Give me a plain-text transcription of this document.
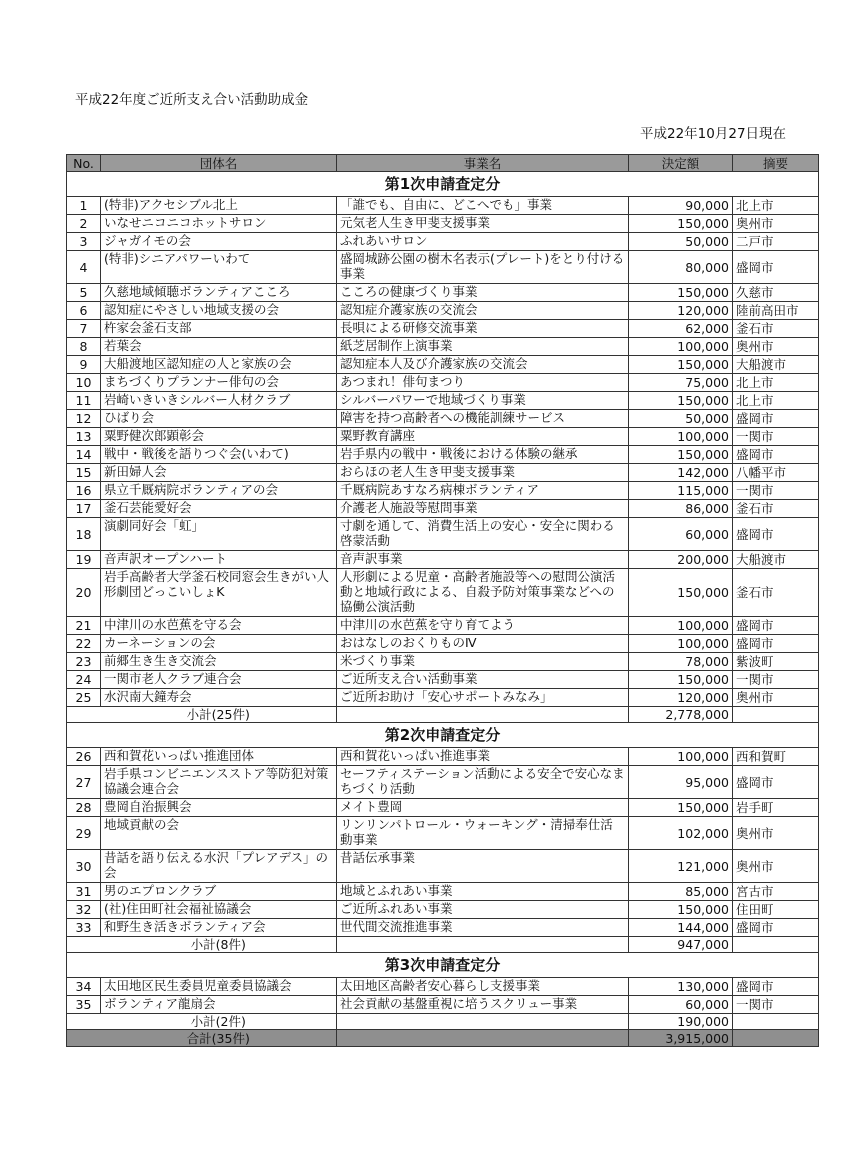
平成22年度ご近所支え合い活動助成金
平成22年10月27日現在
No.	団体名	事業名	決定額	摘要
第1次申請査定分				
1	(特非)アクセシブル北上	「誰でも、自由に、どこへでも」事業	90,000	北上市
2	いなせニコニコホットサロン	元気老人生き甲斐支援事業	150,000	奥州市
3	ジャガイモの会	ふれあいサロン	50,000	二戸市
4	(特非)シニアパワーいわて	盛岡城跡公園の樹木名表示(プレート)をとり付ける事業	80,000	盛岡市
5	久慈地域傾聴ボランティアこころ	こころの健康づくり事業	150,000	久慈市
6	認知症にやさしい地域支援の会	認知症介護家族の交流会	120,000	陸前高田市
7	杵家会釜石支部	長唄による研修交流事業	62,000	釜石市
8	若葉会	紙芝居制作上演事業	100,000	奥州市
9	大船渡地区認知症の人と家族の会	認知症本人及び介護家族の交流会	150,000	大船渡市
10	まちづくりプランナー俳句の会	あつまれ！俳句まつり	75,000	北上市
11	岩崎いきいきシルバー人材クラブ	シルバーパワーで地域づくり事業	150,000	北上市
12	ひばり会	障害を持つ高齢者への機能訓練サービス	50,000	盛岡市
13	粟野健次郎顕彰会	粟野教育講座	100,000	一関市
14	戦中・戦後を語りつぐ会(いわて)	岩手県内の戦中・戦後における体験の継承	150,000	盛岡市
15	新田婦人会	おらほの老人生き甲斐支援事業	142,000	八幡平市
16	県立千厩病院ボランティアの会	千厩病院あすなろ病棟ボランティア	115,000	一関市
17	釜石芸能愛好会	介護老人施設等慰問事業	86,000	釜石市
18	演劇同好会「虹」	寸劇を通して、消費生活上の安心・安全に関わる啓蒙活動	60,000	盛岡市
19	音声訳オープンハート	音声訳事業	200,000	大船渡市
20	岩手高齢者大学釜石校同窓会生きがい人形劇団どっこいしょK	人形劇による児童・高齢者施設等への慰問公演活動と地域行政による、自殺予防対策事業などへの協働公演活動	150,000	釜石市
21	中津川の水芭蕉を守る会	中津川の水芭蕉を守り育てよう	100,000	盛岡市
22	カーネーションの会	おはなしのおくりものⅣ	100,000	盛岡市
23	前郷生き生き交流会	米づくり事業	78,000	紫波町
24	一関市老人クラブ連合会	ご近所支え合い活動事業	150,000	一関市
25	水沢南大鐘寿会	ご近所お助け「安心サポートみなみ」	120,000	奥州市
	小計(25件)		2,778,000	
第2次申請査定分				
26	西和賀花いっぱい推進団体	西和賀花いっぱい推進事業	100,000	西和賀町
27	岩手県コンビニエンスストア等防犯対策協議会連合会	セーフティステーション活動による安全で安心なまちづくり活動	95,000	盛岡市
28	豊岡自治振興会	メイト豊岡	150,000	岩手町
29	地域貢献の会	リンリンパトロール・ウォーキング・清掃奉仕活動事業	102,000	奥州市
30	昔話を語り伝える水沢「プレアデス」の会	昔話伝承事業	121,000	奥州市
31	男のエプロンクラブ	地域とふれあい事業	85,000	宮古市
32	(社)住田町社会福祉協議会	ご近所ふれあい事業	150,000	住田町
33	和野生き活きボランティア会	世代間交流推進事業	144,000	盛岡市
	小計(8件)		947,000	
第3次申請査定分				
34	太田地区民生委員児童委員協議会	太田地区高齢者安心暮らし支援事業	130,000	盛岡市
35	ボランティア龍扇会	社会貢献の基盤重視に培うスクリュー事業	60,000	一関市
	小計(2件)		190,000	
	合計(35件)		3,915,000	
